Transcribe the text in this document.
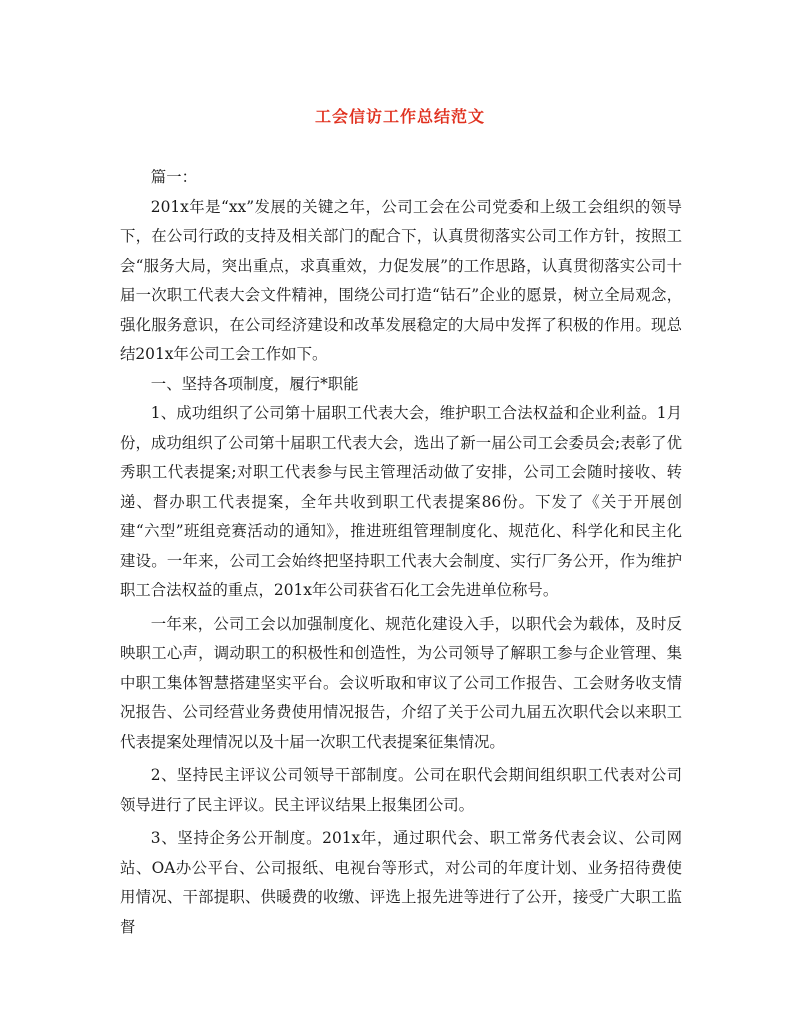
工会信访工作总结范文

篇一：

201x年是“xx”发展的关键之年，公司工会在公司党委和上级工会组织的领导下，在公司行政的支持及相关部门的配合下，认真贯彻落实公司工作方针，按照工会“服务大局，突出重点，求真重效，力促发展”的工作思路，认真贯彻落实公司十届一次职工代表大会文件精神，围绕公司打造“钻石”企业的愿景，树立全局观念，强化服务意识，在公司经济建设和改革发展稳定的大局中发挥了积极的作用。现总结201x年公司工会工作如下。

一、坚持各项制度，履行*职能

1、成功组织了公司第十届职工代表大会，维护职工合法权益和企业利益。1月份，成功组织了公司第十届职工代表大会，选出了新一届公司工会委员会;表彰了优秀职工代表提案;对职工代表参与民主管理活动做了安排，公司工会随时接收、转递、督办职工代表提案，全年共收到职工代表提案86份。下发了《关于开展创建“六型”班组竞赛活动的通知》，推进班组管理制度化、规范化、科学化和民主化建设。一年来，公司工会始终把坚持职工代表大会制度、实行厂务公开，作为维护职工合法权益的重点，201x年公司获省石化工会先进单位称号。

一年来，公司工会以加强制度化、规范化建设入手，以职代会为载体，及时反映职工心声，调动职工的积极性和创造性，为公司领导了解职工参与企业管理、集中职工集体智慧搭建坚实平台。会议听取和审议了公司工作报告、工会财务收支情况报告、公司经营业务费使用情况报告，介绍了关于公司九届五次职代会以来职工代表提案处理情况以及十届一次职工代表提案征集情况。

2、坚持民主评议公司领导干部制度。公司在职代会期间组织职工代表对公司领导进行了民主评议。民主评议结果上报集团公司。

3、坚持企务公开制度。201x年，通过职代会、职工常务代表会议、公司网站、OA办公平台、公司报纸、电视台等形式，对公司的年度计划、业务招待费使用情况、干部提职、供暖费的收缴、评选上报先进等进行了公开，接受广大职工监督
